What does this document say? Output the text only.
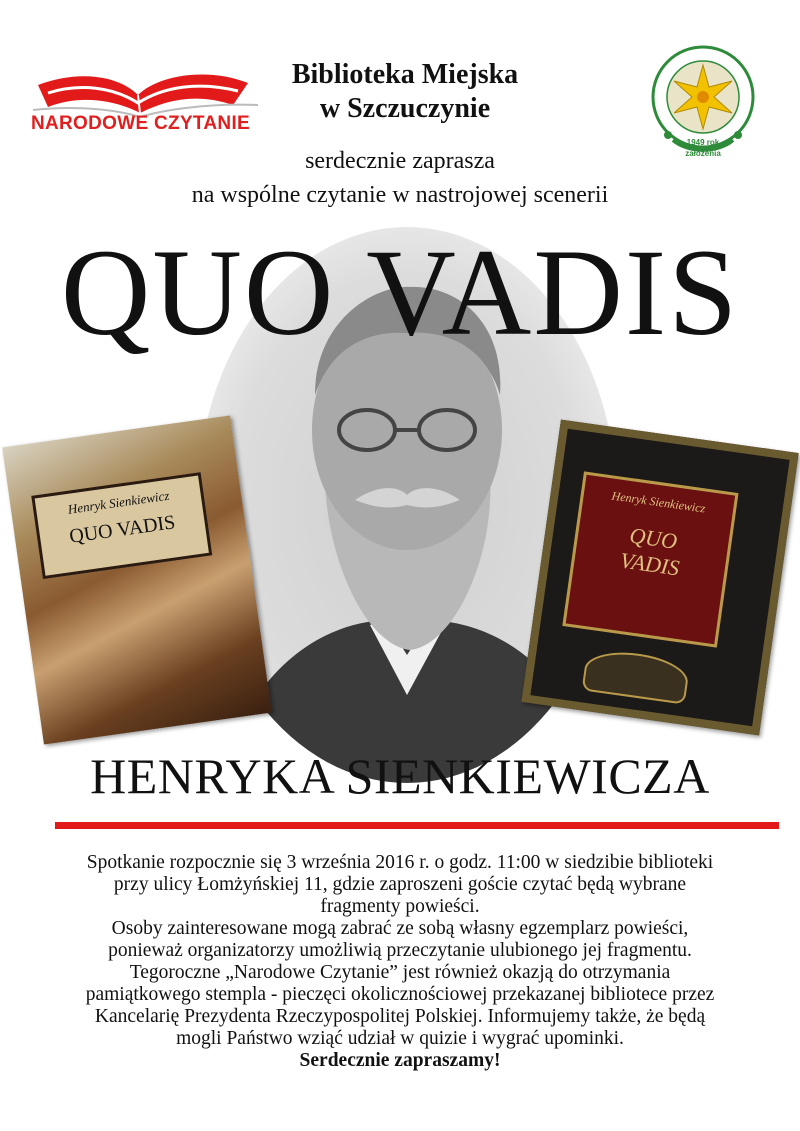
NARODOWE CZYTANIE
Biblioteka Miejska
w Szczuczynie
1949 rok
założenia
serdecznie zaprasza
na wspólne czytanie w nastrojowej scenerii
QUO VADIS
Henryk Sienkiewicz
QUO VADIS
Henryk Sienkiewicz
QUO
VADIS
HENRYKA SIENKIEWICZA

Spotkanie rozpocznie się 3 września 2016 r. o godz. 11:00 w siedzibie biblioteki

przy ulicy Łomżyńskiej 11, gdzie zaproszeni goście czytać będą wybrane

fragmenty powieści.

Osoby zainteresowane mogą zabrać ze sobą własny egzemplarz powieści,

ponieważ organizatorzy umożliwią przeczytanie ulubionego jej fragmentu.

Tegoroczne „Narodowe Czytanie” jest również okazją do otrzymania

pamiątkowego stempla - pieczęci okolicznościowej przekazanej bibliotece przez

Kancelarię Prezydenta Rzeczypospolitej Polskiej. Informujemy także, że będą

mogli Państwo wziąć udział w quizie i wygrać upominki.

Serdecznie zapraszamy!
